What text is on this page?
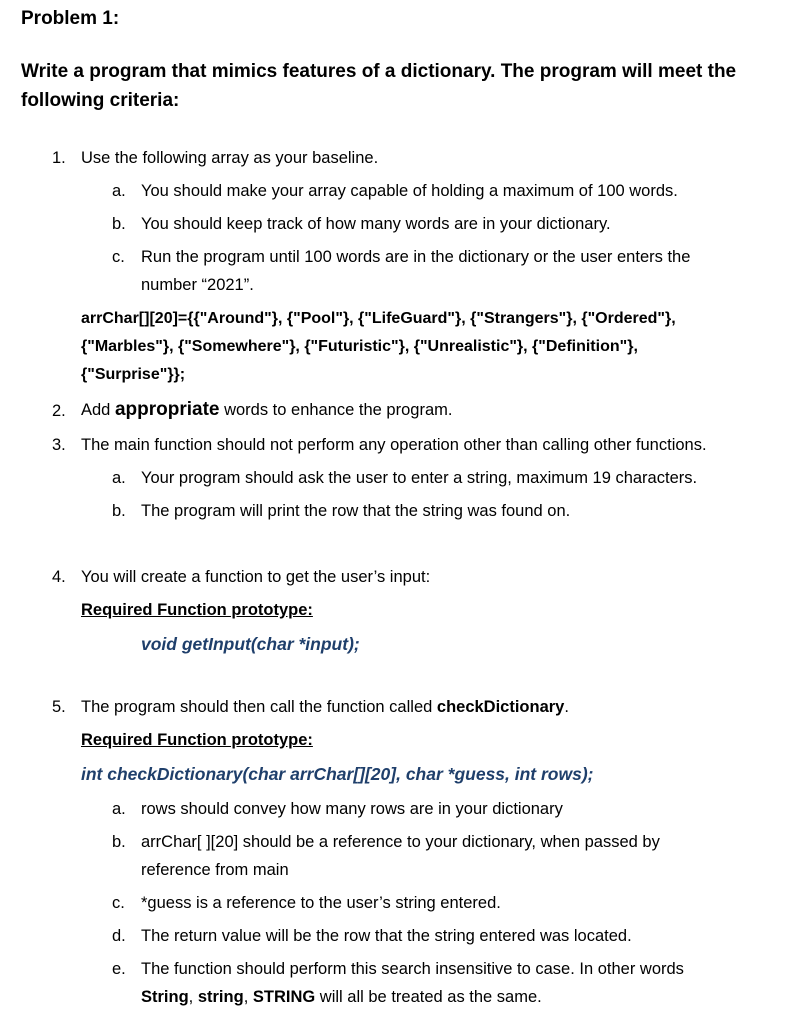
Problem 1:
Write a program that mimics features of a dictionary. The program will meet the
following criteria:
1. Use the following array as your baseline.
a. You should make your array capable of holding a maximum of 100 words.
b. You should keep track of how many words are in your dictionary.
c. Run the program until 100 words are in the dictionary or the user enters the
number “2021”.
arrChar[][20]={{"Around"}, {"Pool"}, {"LifeGuard"}, {"Strangers"}, {"Ordered"},
{"Marbles"}, {"Somewhere"}, {"Futuristic"}, {"Unrealistic"}, {"Definition"},
{"Surprise"}};
2. Add appropriate words to enhance the program.
3. The main function should not perform any operation other than calling other functions.
a. Your program should ask the user to enter a string, maximum 19 characters.
b. The program will print the row that the string was found on.
4. You will create a function to get the user’s input:
Required Function prototype:
void getInput(char *input);
5. The program should then call the function called checkDictionary.
Required Function prototype:
int checkDictionary(char arrChar[][20], char *guess, int rows);
a. rows should convey how many rows are in your dictionary
b. arrChar[ ][20] should be a reference to your dictionary, when passed by
reference from main
c. *guess is a reference to the user’s string entered.
d. The return value will be the row that the string entered was located.
e. The function should perform this search insensitive to case. In other words
String, string, STRING will all be treated as the same.
